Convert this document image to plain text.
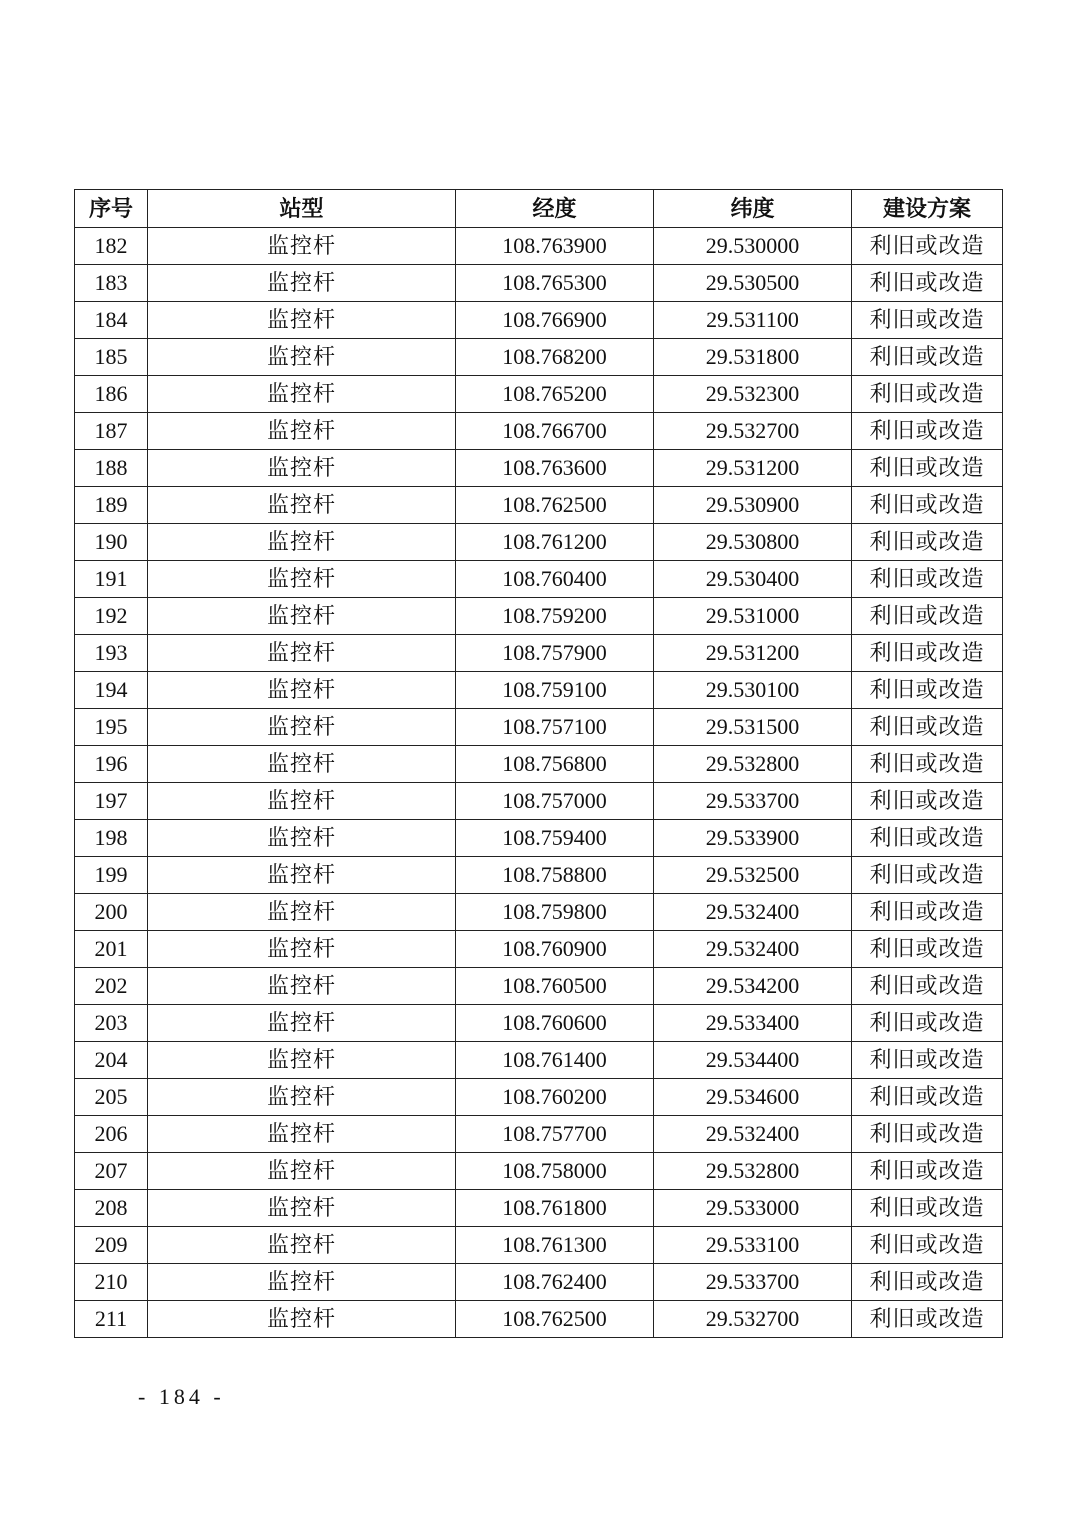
序号	站型	经度	纬度	建设方案
182	监控杆	108.763900	29.530000	利旧或改造
183	监控杆	108.765300	29.530500	利旧或改造
184	监控杆	108.766900	29.531100	利旧或改造
185	监控杆	108.768200	29.531800	利旧或改造
186	监控杆	108.765200	29.532300	利旧或改造
187	监控杆	108.766700	29.532700	利旧或改造
188	监控杆	108.763600	29.531200	利旧或改造
189	监控杆	108.762500	29.530900	利旧或改造
190	监控杆	108.761200	29.530800	利旧或改造
191	监控杆	108.760400	29.530400	利旧或改造
192	监控杆	108.759200	29.531000	利旧或改造
193	监控杆	108.757900	29.531200	利旧或改造
194	监控杆	108.759100	29.530100	利旧或改造
195	监控杆	108.757100	29.531500	利旧或改造
196	监控杆	108.756800	29.532800	利旧或改造
197	监控杆	108.757000	29.533700	利旧或改造
198	监控杆	108.759400	29.533900	利旧或改造
199	监控杆	108.758800	29.532500	利旧或改造
200	监控杆	108.759800	29.532400	利旧或改造
201	监控杆	108.760900	29.532400	利旧或改造
202	监控杆	108.760500	29.534200	利旧或改造
203	监控杆	108.760600	29.533400	利旧或改造
204	监控杆	108.761400	29.534400	利旧或改造
205	监控杆	108.760200	29.534600	利旧或改造
206	监控杆	108.757700	29.532400	利旧或改造
207	监控杆	108.758000	29.532800	利旧或改造
208	监控杆	108.761800	29.533000	利旧或改造
209	监控杆	108.761300	29.533100	利旧或改造
210	监控杆	108.762400	29.533700	利旧或改造
211	监控杆	108.762500	29.532700	利旧或改造
- 184 -
